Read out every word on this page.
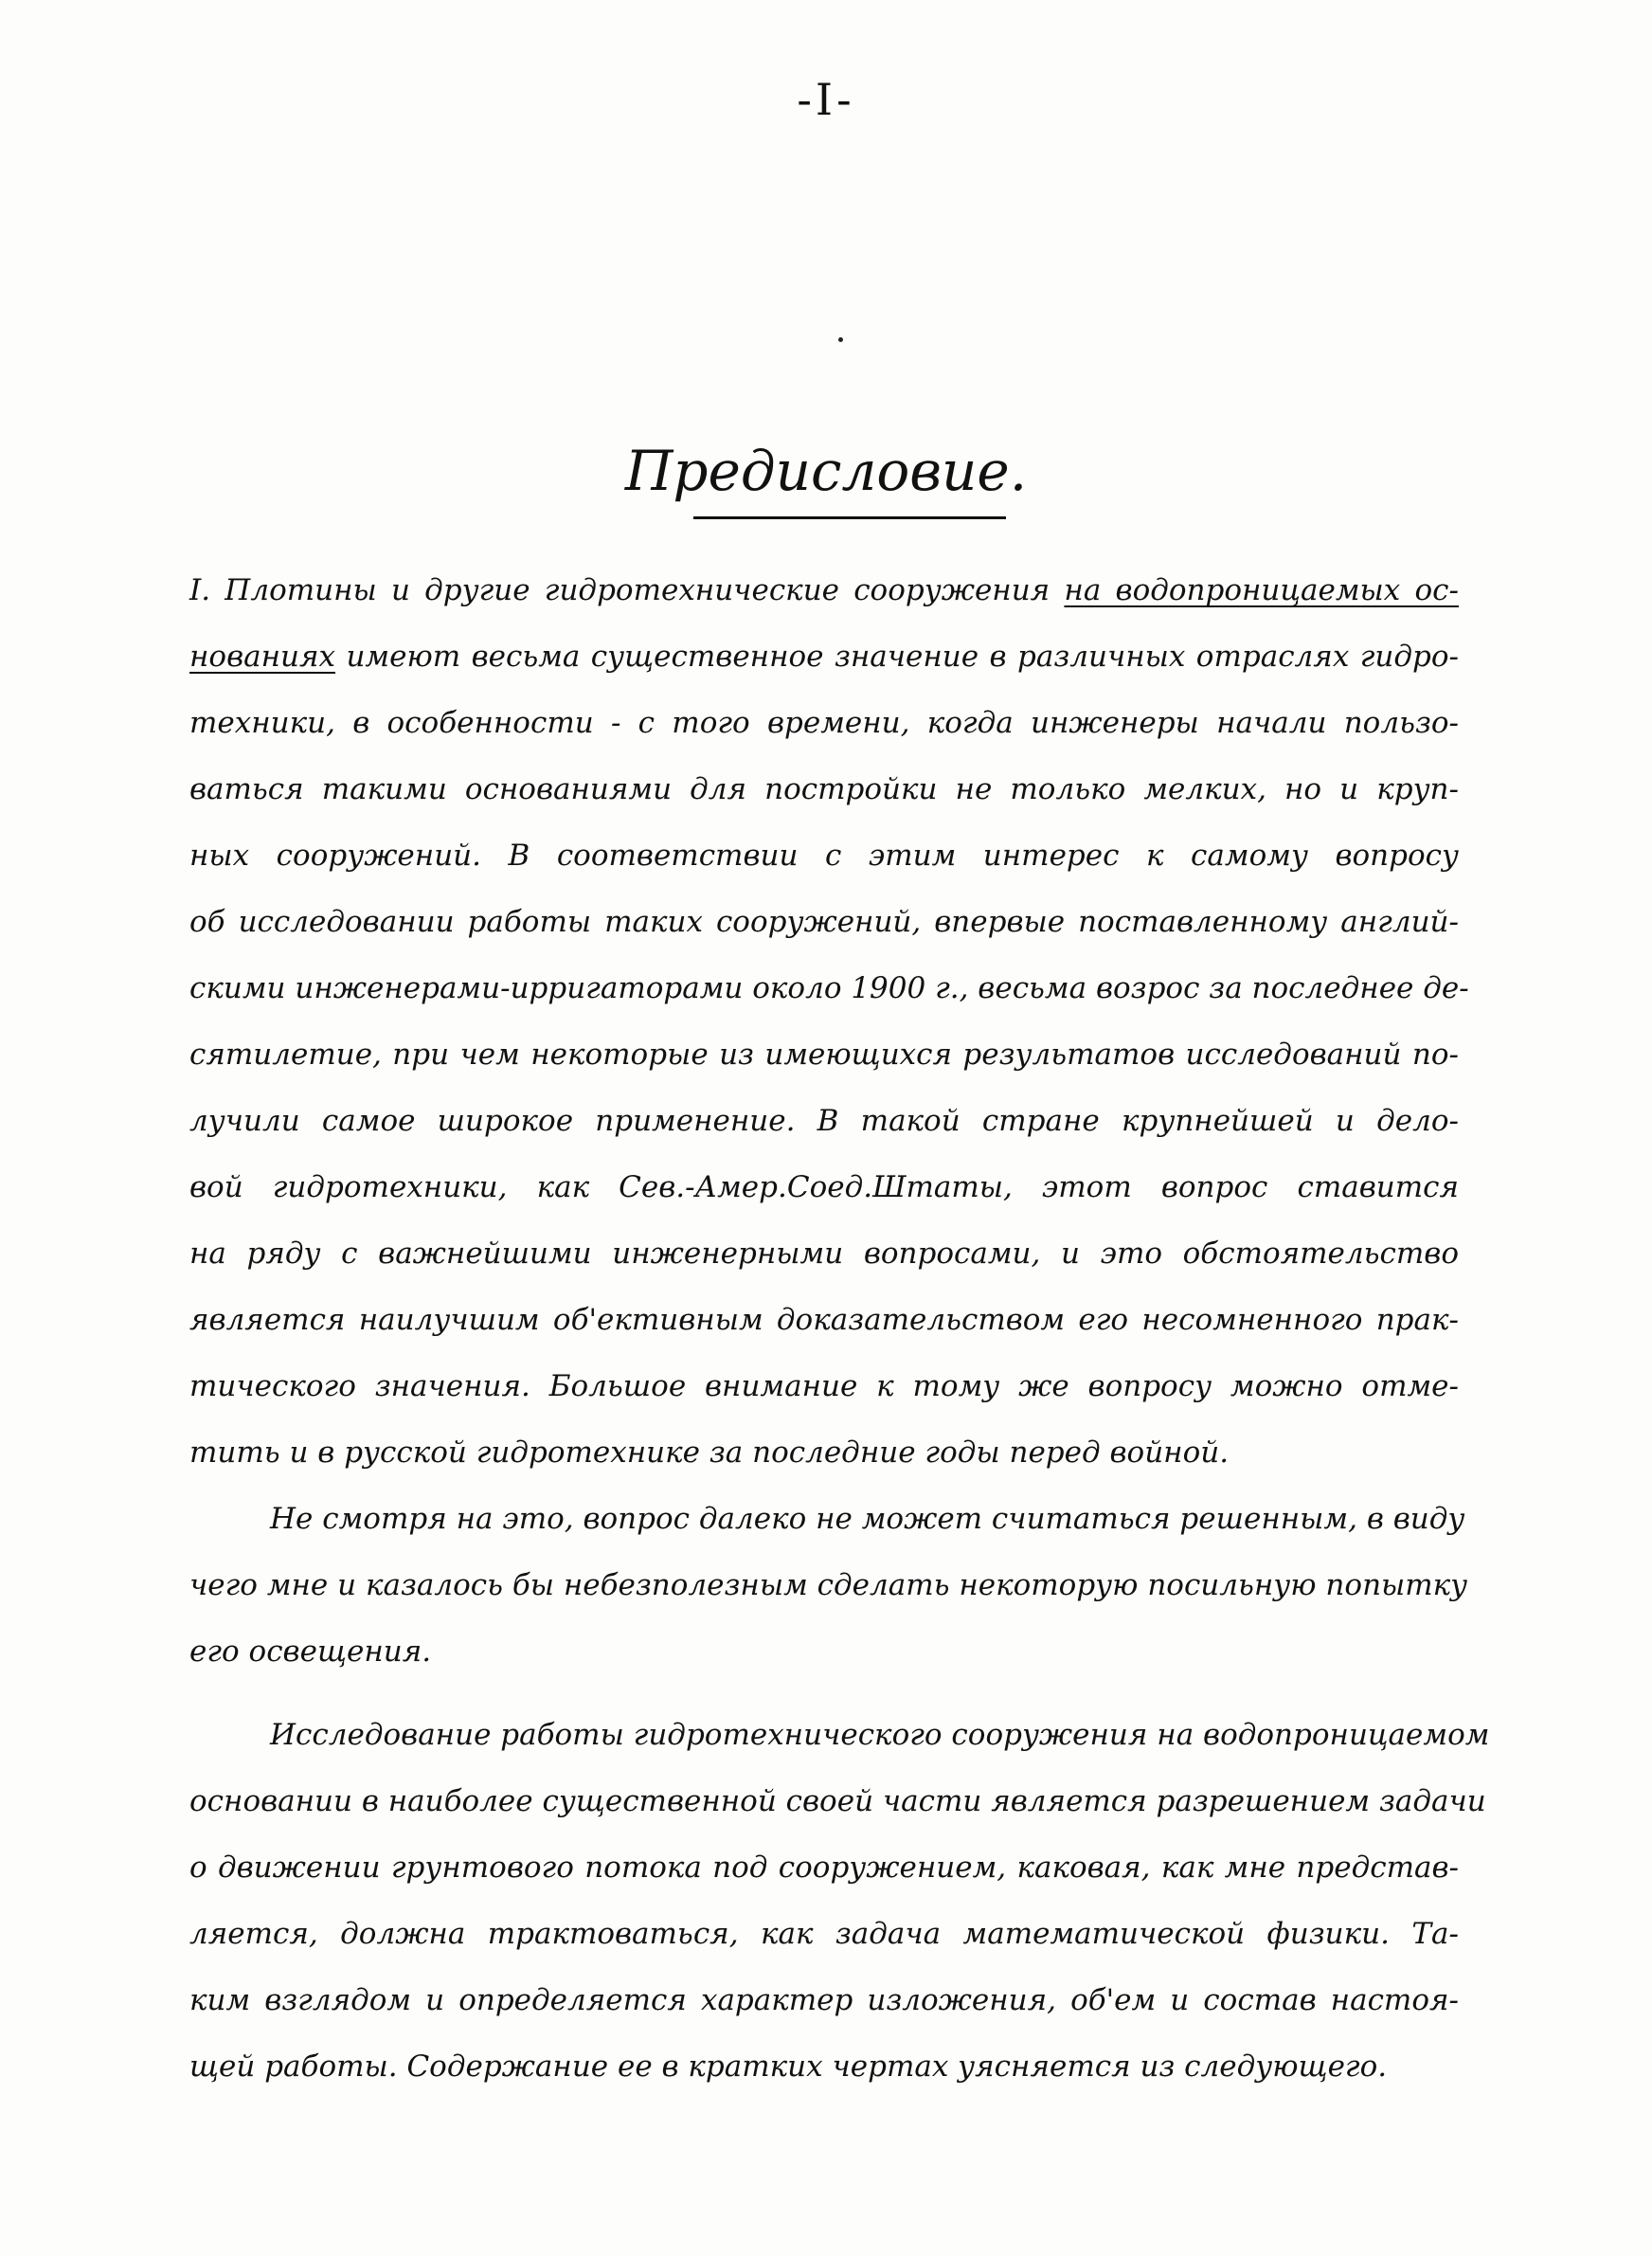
-I-
Предисловие.
I. Плотины и другие гидротехнические сооружения на водопроницаемых ос-
нованиях имеют весьма существенное значение в различных отраслях гидро-
техники, в особенности - с того времени, когда инженеры начали пользо-
ваться такими основаниями для постройки не только мелких, но и круп-
ных сооружений. В соответствии с этим интерес к самому вопросу
об исследовании работы таких сооружений, впервые поставленному англий-
скими инженерами-ирригаторами около 1900 г., весьма возрос за последнее де-
сятилетие, при чем некоторые из имеющихся результатов исследований по-
лучили самое широкое применение. В такой стране крупнейшей и дело-
вой гидротехники, как Сев.-Амер.Соед.Штаты, этот вопрос ставится
на ряду с важнейшими инженерными вопросами, и это обстоятельство
является наилучшим об'ективным доказательством его несомненного прак-
тического значения. Большое внимание к тому же вопросу можно отме-
тить и в русской гидротехнике за последние годы перед войной.
Не смотря на это, вопрос далеко не может считаться решенным, в виду
чего мне и казалось бы небезполезным сделать некоторую посильную попытку
его освещения.
Исследование работы гидротехнического сооружения на водопроницаемом
основании в наиболее существенной своей части является разрешением задачи
о движении грунтового потока под сооружением, каковая, как мне представ-
ляется, должна трактоваться, как задача математической физики. Та-
ким взглядом и определяется характер изложения, об'ем и состав настоя-
щей работы. Содержание ее в кратких чертах уясняется из следующего.
